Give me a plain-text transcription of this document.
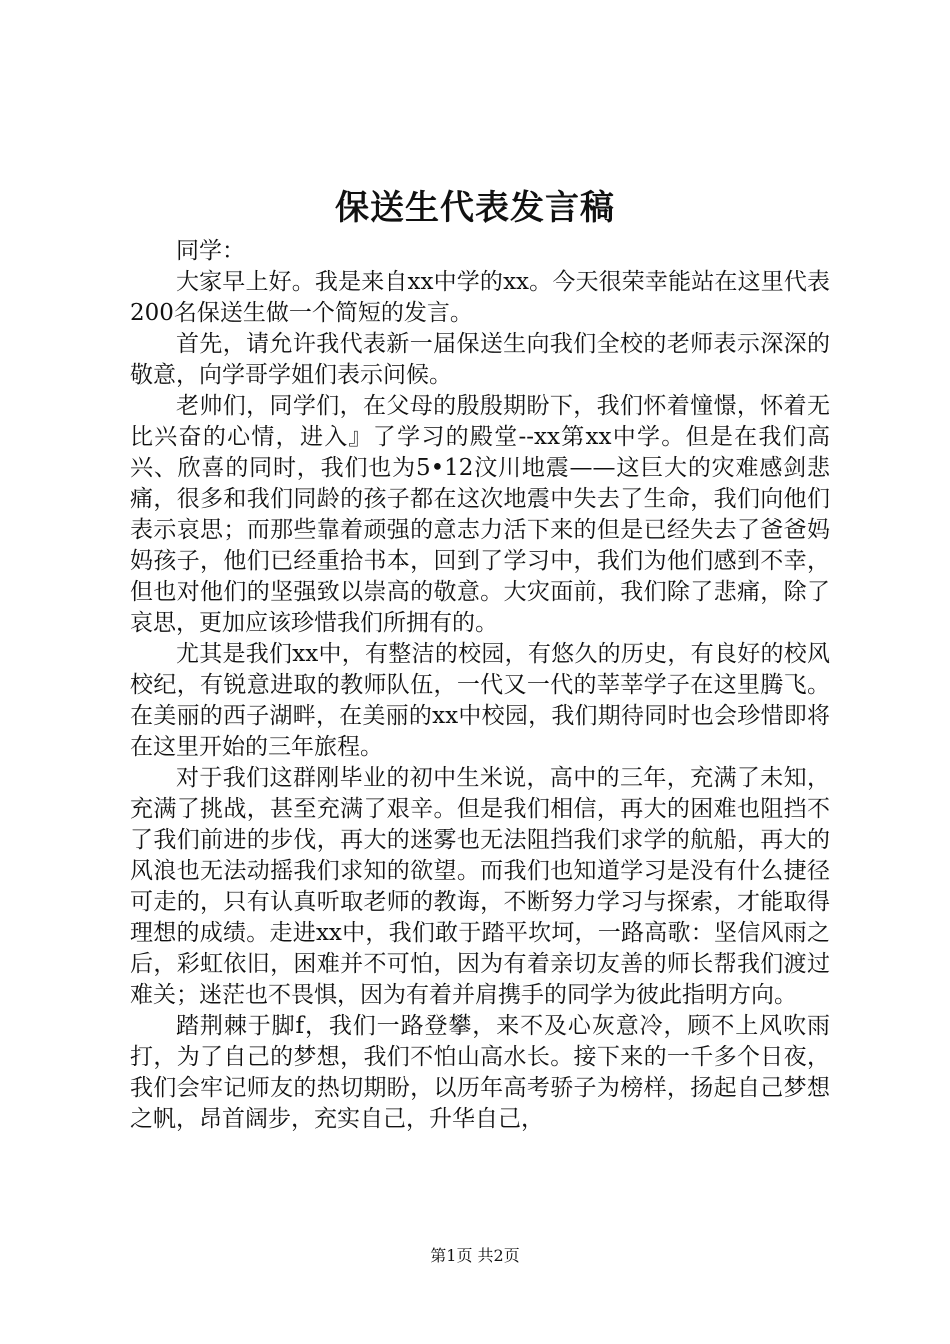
保送生代表发言稿

同学：

大家早上好。我是来自xx中学的xx。今天很荣幸能站在这里代表200名保送生做一个简短的发言。

首先，请允许我代表新一届保送生向我们全校的老师表示深深的敬意，向学哥学姐们表示问候。

老帅们，同学们，在父母的殷殷期盼下，我们怀着憧憬，怀着无比兴奋的心情，进入』了学习的殿堂--xx第xx中学。但是在我们高兴、欣喜的同时，我们也为5•12汶川地震——这巨大的灾难感剑悲痛，很多和我们同龄的孩子都在这次地震中失去了生命，我们向他们表示哀思；而那些靠着顽强的意志力活下来的但是已经失去了爸爸妈妈孩子，他们已经重拾书本，回到了学习中，我们为他们感到不幸，但也对他们的坚强致以崇高的敬意。大灾面前，我们除了悲痛，除了哀思，更加应该珍惜我们所拥有的。

尤其是我们xx中，有整洁的校园，有悠久的历史，有良好的校风校纪，有锐意进取的教师队伍，一代又一代的莘莘学子在这里腾飞。在美丽的西子湖畔，在美丽的xx中校园，我们期待同时也会珍惜即将在这里开始的三年旅程。

对于我们这群刚毕业的初中生米说，高中的三年，充满了未知，充满了挑战，甚至充满了艰辛。但是我们相信，再大的困难也阻挡不了我们前进的步伐，再大的迷雾也无法阻挡我们求学的航船，再大的风浪也无法动摇我们求知的欲望。而我们也知道学习是没有什么捷径可走的，只有认真听取老师的教诲，不断努力学习与探索，才能取得理想的成绩。走进xx中，我们敢于踏平坎坷，一路高歌：坚信风雨之后，彩虹依旧，困难并不可怕，因为有着亲切友善的师长帮我们渡过难关；迷茫也不畏惧，因为有着并肩携手的同学为彼此指明方向。

踏荆棘于脚f，我们一路登攀，来不及心灰意冷，顾不上风吹雨打，为了自己的梦想，我们不怕山高水长。接下来的一千多个日夜，我们会牢记师友的热切期盼，以历年高考骄子为榜样，扬起自己梦想之帆，昂首阔步，充实自己，升华自己，

第1页 共2页
